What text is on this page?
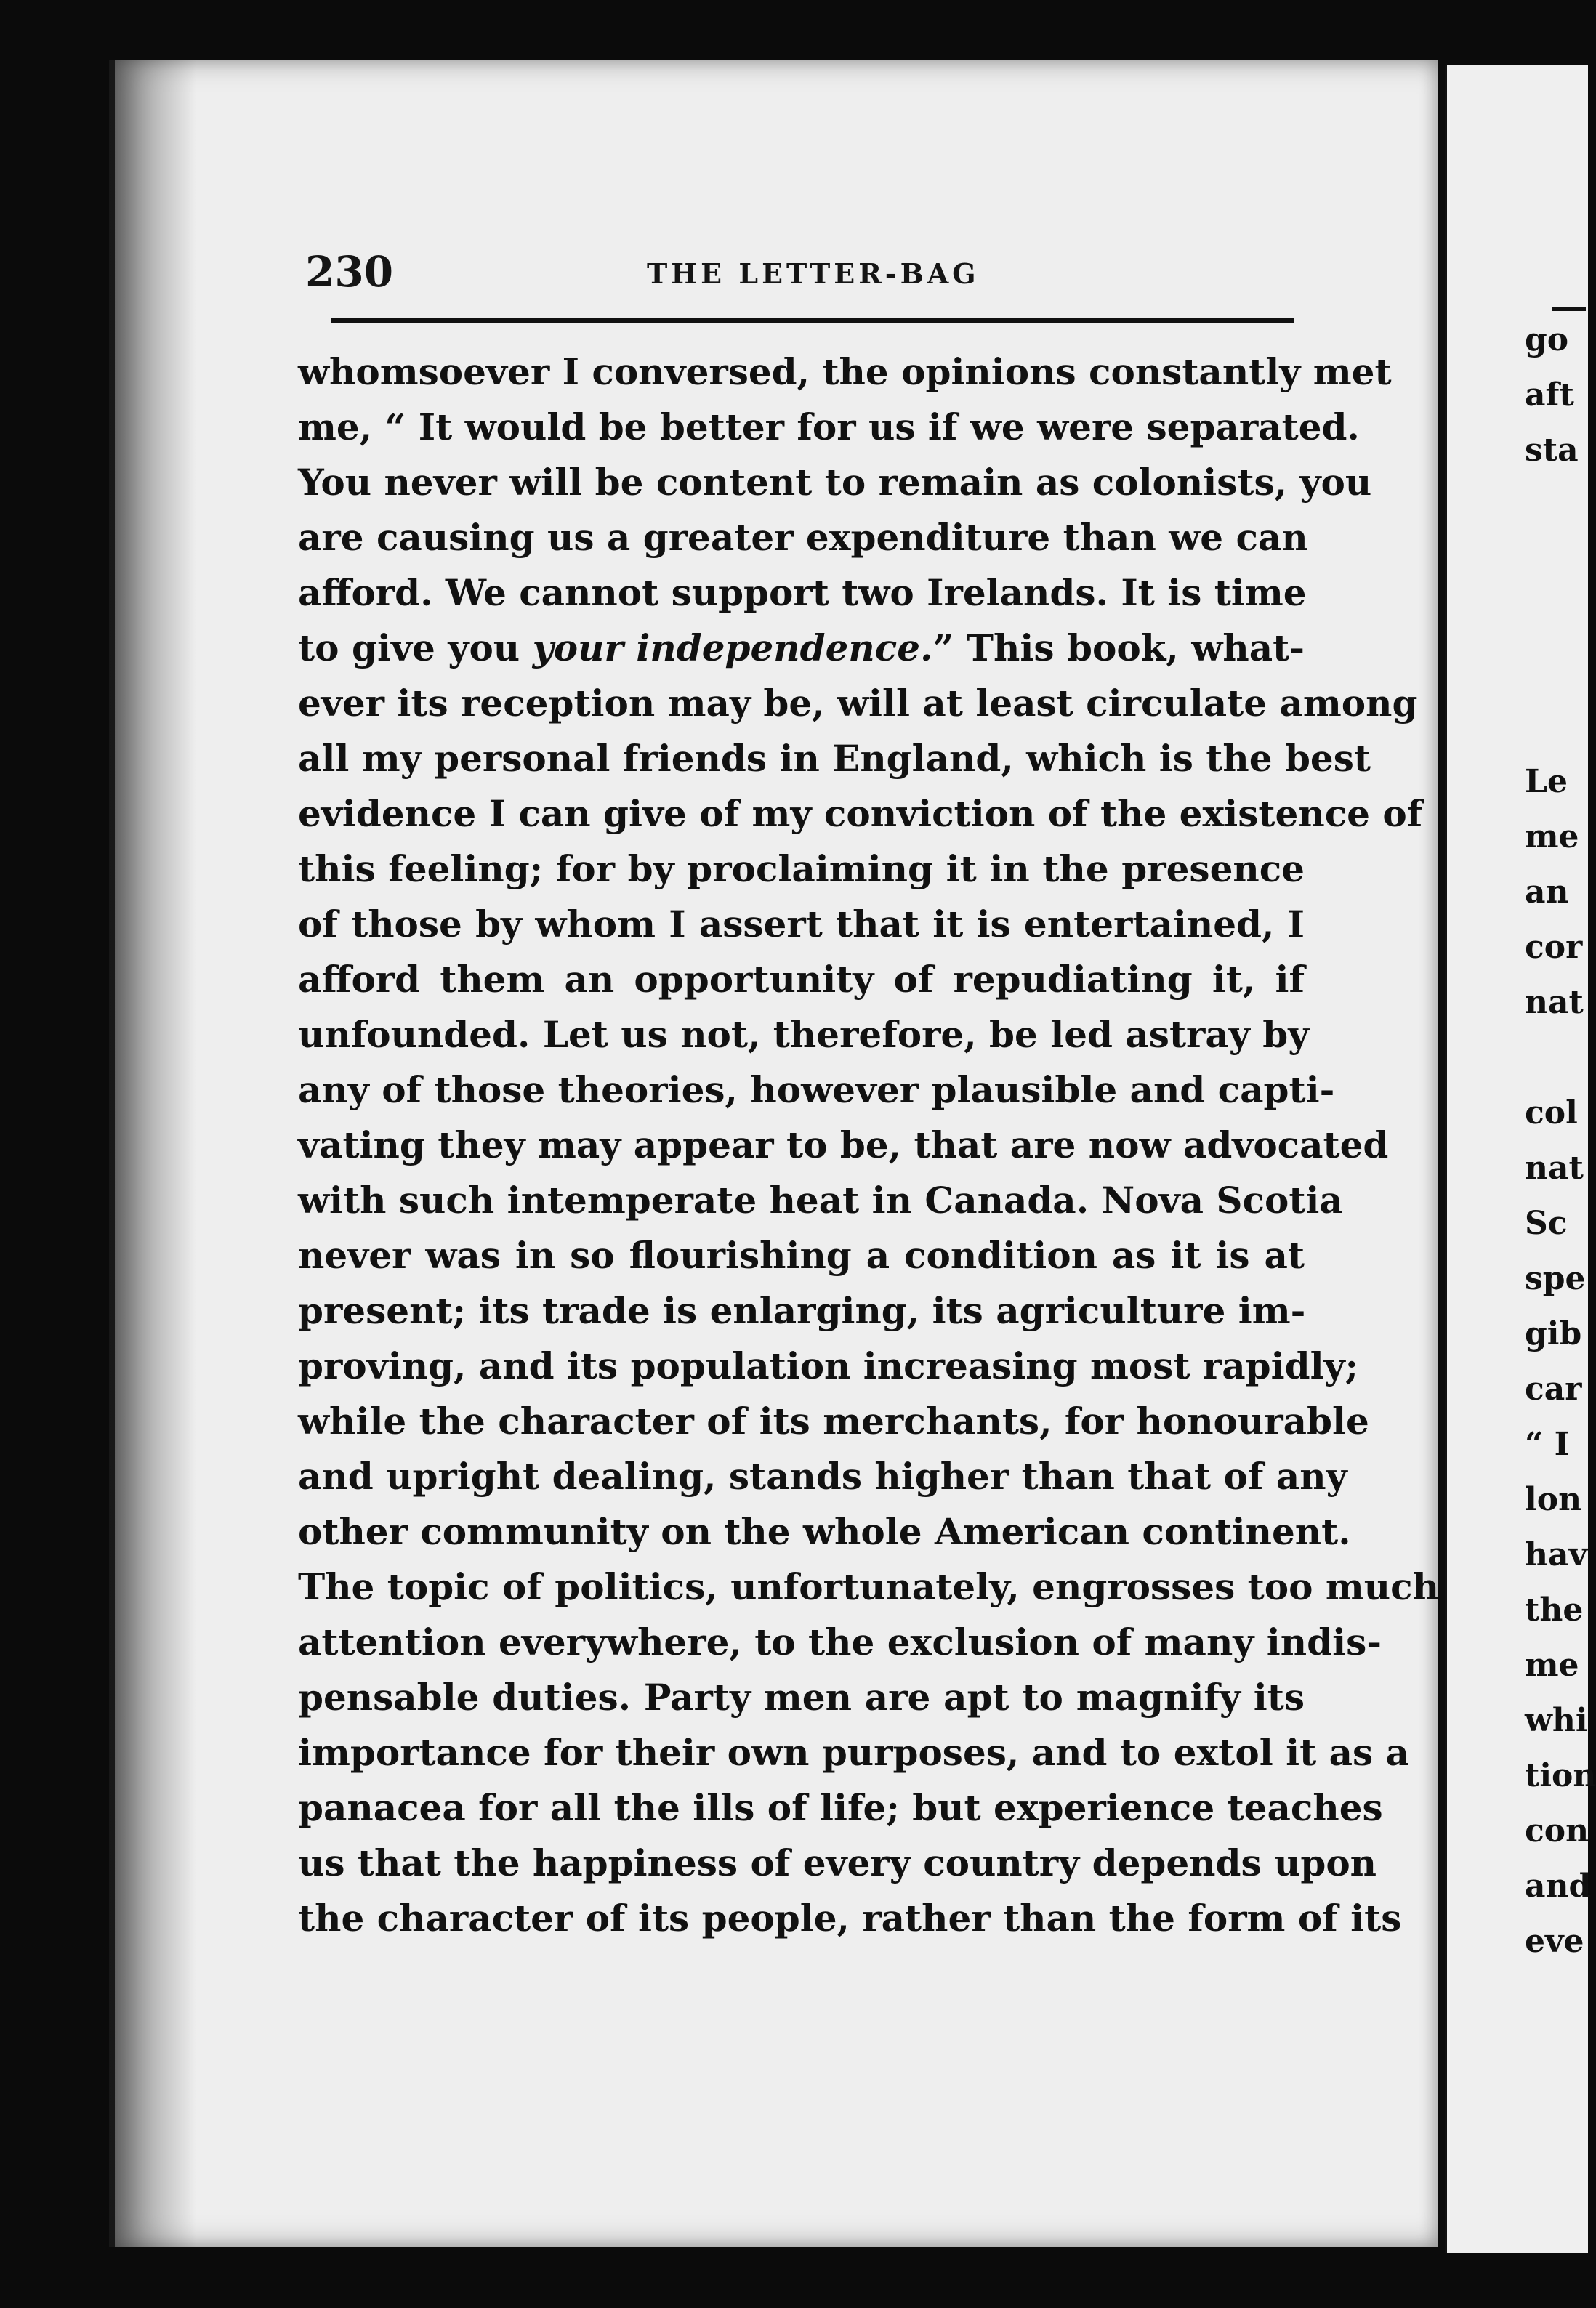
230	THE LETTER-BAG
whomsoever I conversed, the opinions constantly met
me, “ It would be better for us if we were separated.
You never will be content to remain as colonists, you
are causing us a greater expenditure than we can
afford. We cannot support two Irelands. It is time
to give you your independence.” This book, what-
ever its reception may be, will at least circulate among
all my personal friends in England, which is the best
evidence I can give of my conviction of the existence of
this feeling; for by proclaiming it in the presence
of those by whom I assert that it is entertained, I
afford them an opportunity of repudiating it, if
unfounded. Let us not, therefore, be led astray by
any of those theories, however plausible and capti-
vating they may appear to be, that are now advocated
with such intemperate heat in Canada. Nova Scotia
never was in so flourishing a condition as it is at
present; its trade is enlarging, its agriculture im-
proving, and its population increasing most rapidly;
while the character of its merchants, for honourable
and upright dealing, stands higher than that of any
other community on the whole American continent.
The topic of politics, unfortunately, engrosses too much
attention everywhere, to the exclusion of many indis-
pensable duties. Party men are apt to magnify its
importance for their own purposes, and to extol it as a
panacea for all the ills of life; but experience teaches
us that the happiness of every country depends upon
the character of its people, rather than the form of its
go
aft
sta
Le
me
an
cor
nat
col
nat
Sc
spe
gib
car
“ I
lon
hav
the
me
whi
tion
con
and
eve
